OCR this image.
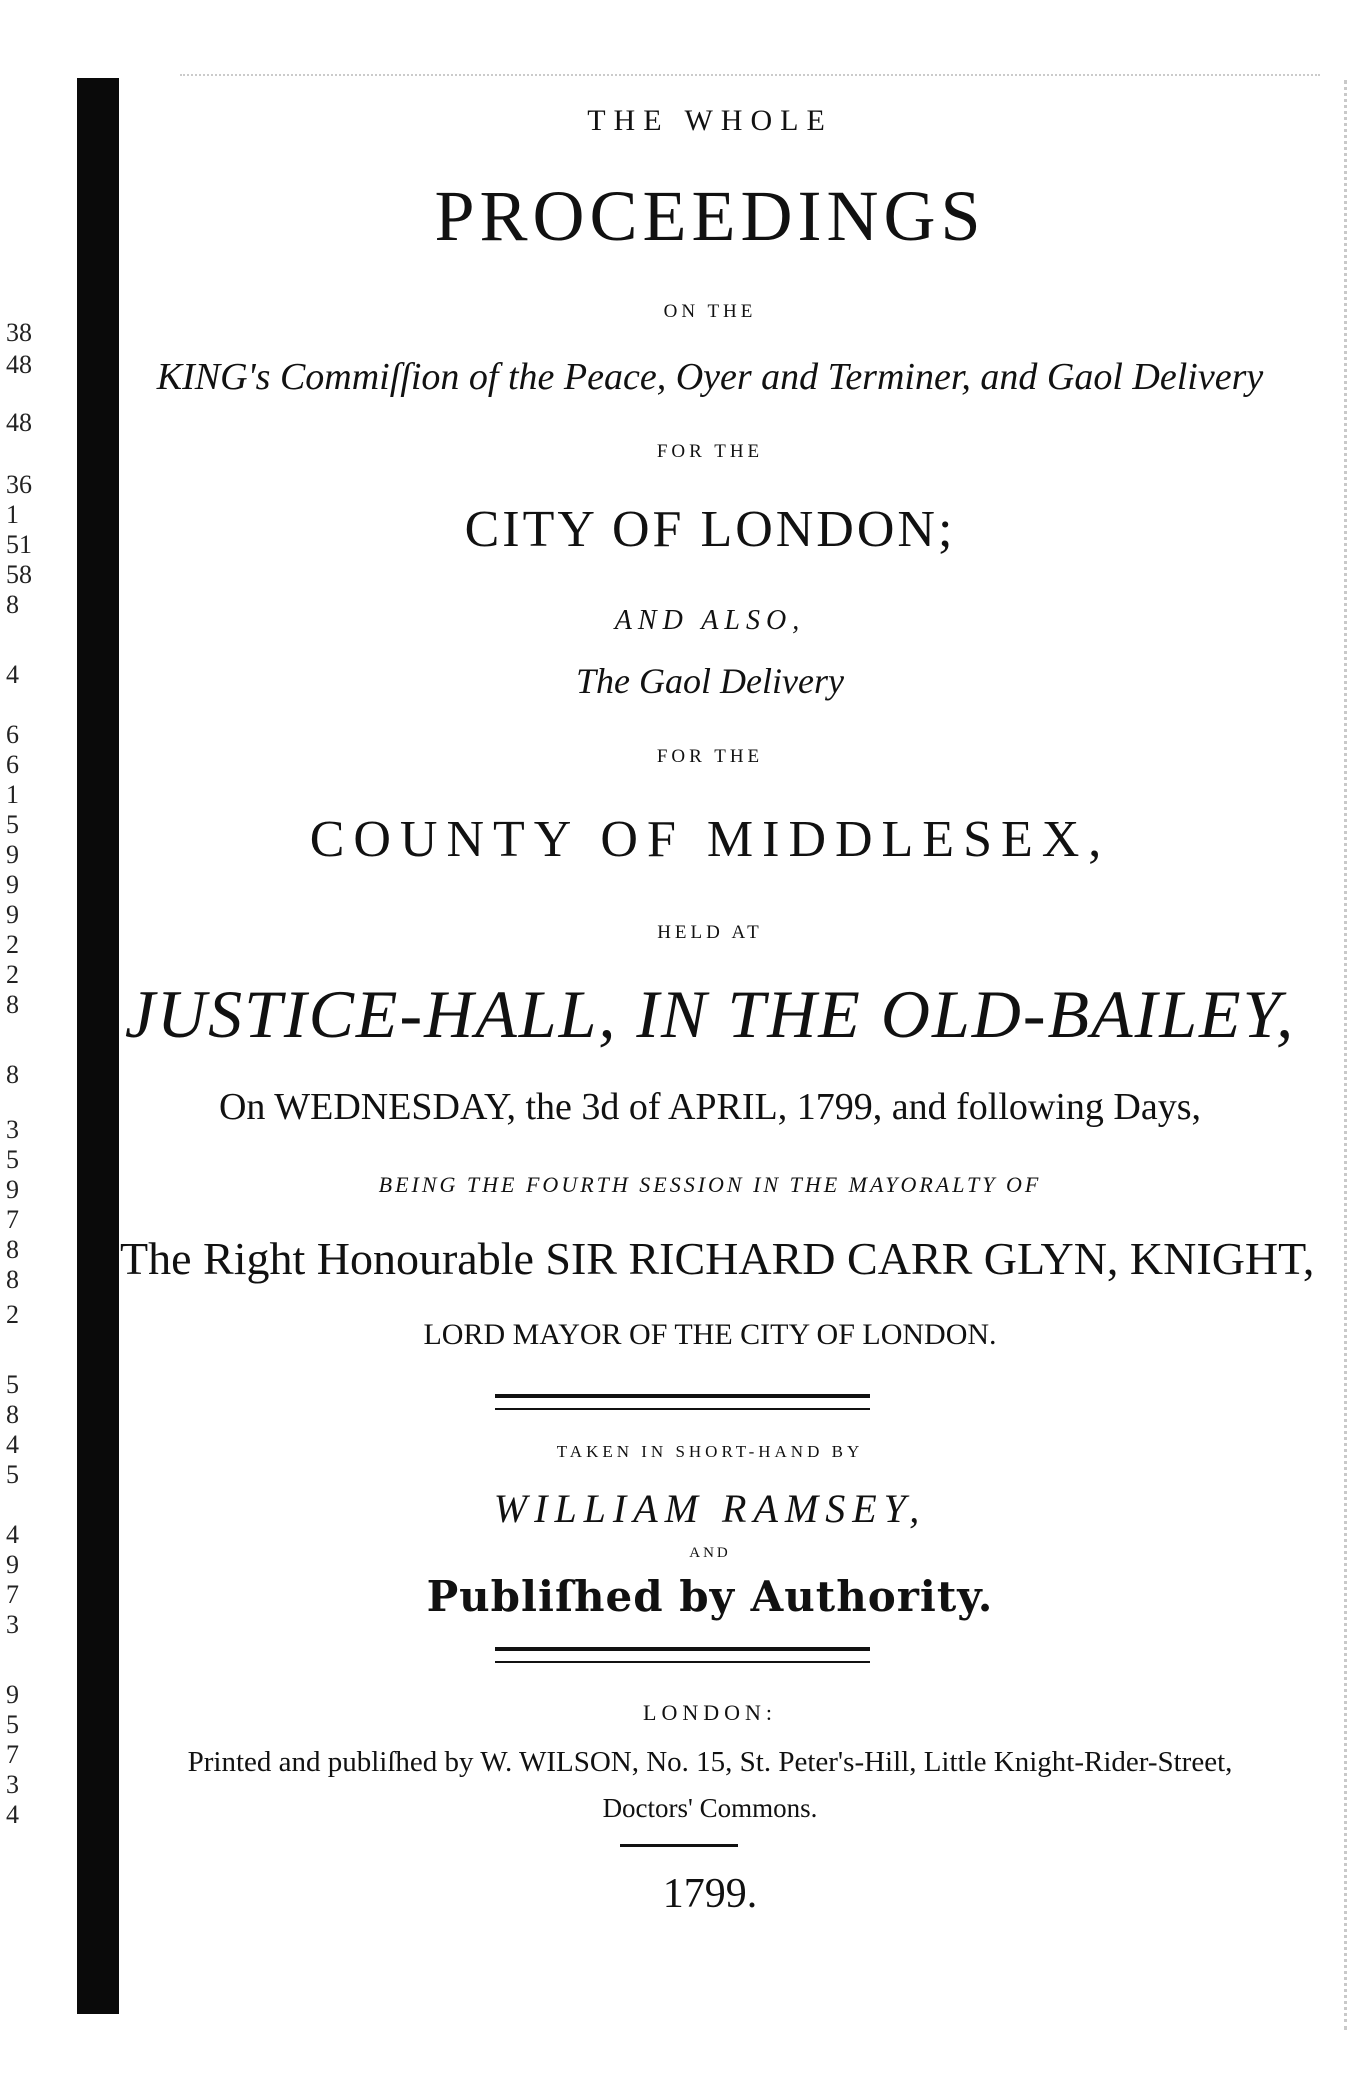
38
48
48
36
1
51
58
8
4
6
6
1
5
9
9
9
2
2
8
8
3
5
9
7
8
8
2
5
8
4
5
4
9
7
3
9
5
7
3
4
THE WHOLE
PROCEEDINGS
ON THE
KING's Commiſſion of the Peace, Oyer and Terminer, and Gaol Delivery
FOR THE
CITY OF LONDON;
AND ALSO,
The Gaol Delivery
FOR THE
COUNTY OF MIDDLESEX,
HELD AT
JUSTICE-HALL, IN THE OLD-BAILEY,
On WEDNESDAY, the 3d of APRIL, 1799, and following Days,
BEING THE FOURTH SESSION IN THE MAYORALTY OF
The Right Honourable SIR RICHARD CARR GLYN, KNIGHT,
LORD MAYOR OF THE CITY OF LONDON.
TAKEN IN SHORT-HAND BY
WILLIAM RAMSEY,
AND
Publiſhed by Authority.
LONDON:
Printed and publiſhed by W. WILSON, No. 15, St. Peter's-Hill, Little Knight-Rider-Street,
Doctors' Commons.
1799.
